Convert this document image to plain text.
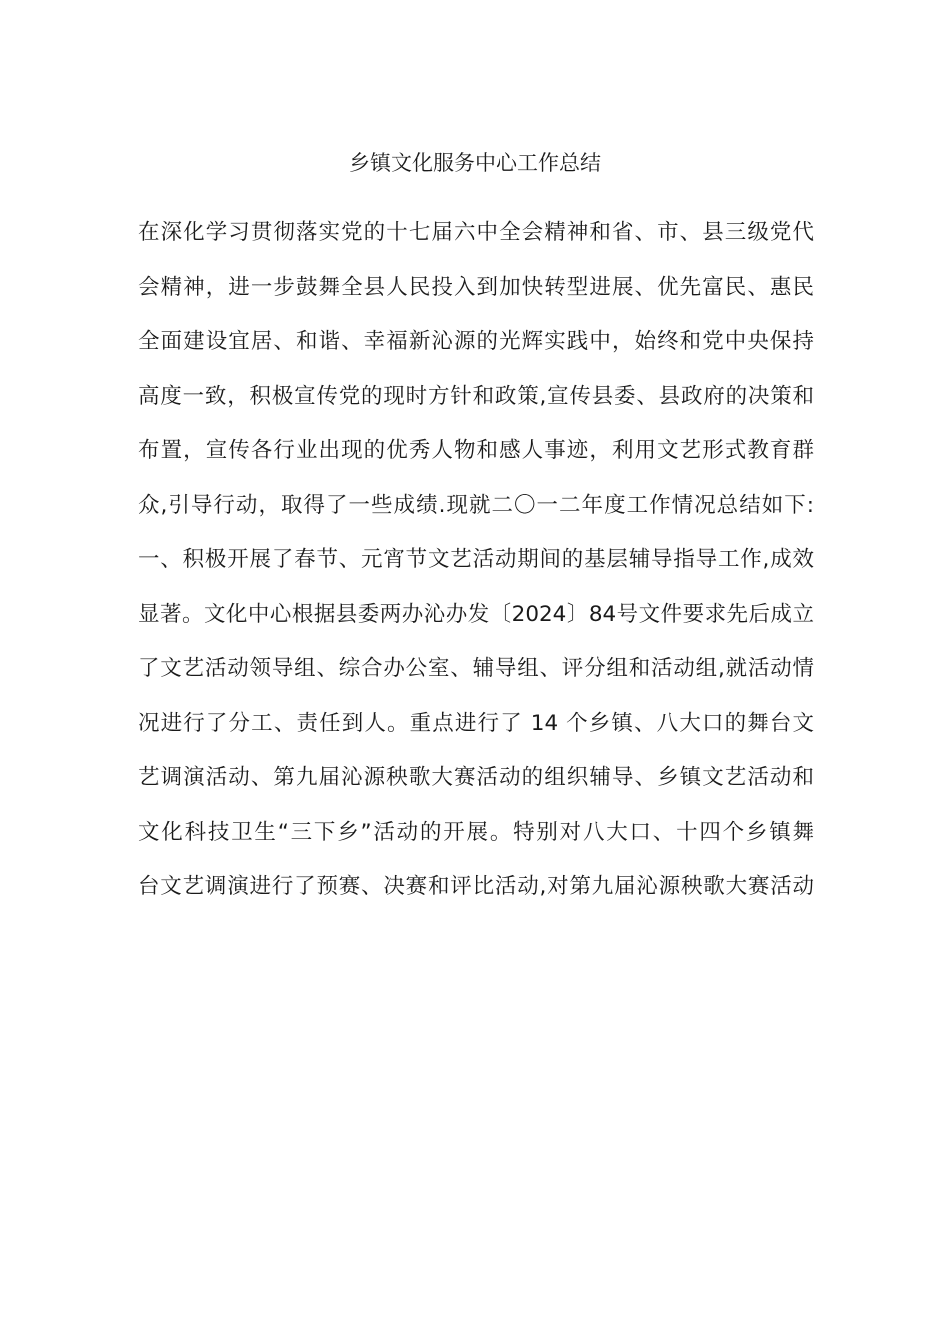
乡镇文化服务中心工作总结
在深化学习贯彻落实党的十七届六中全会精神和省、市、县三级党代
会精神，进一步鼓舞全县人民投入到加快转型进展、优先富民、惠民
全面建设宜居、和谐、幸福新沁源的光辉实践中，始终和党中央保持
高度一致，积极宣传党的现时方针和政策,宣传县委、县政府的决策和
布置，宣传各行业出现的优秀人物和感人事迹，利用文艺形式教育群
众,引导行动，取得了一些成绩.现就二〇一二年度工作情况总结如下:
一、积极开展了春节、元宵节文艺活动期间的基层辅导指导工作,成效
显著。文化中心根据县委两办沁办发〔2024〕84号文件要求先后成立
了文艺活动领导组、综合办公室、辅导组、评分组和活动组,就活动情
况进行了分工、责任到人。重点进行了 14 个乡镇、八大口的舞台文
艺调演活动、第九届沁源秧歌大赛活动的组织辅导、乡镇文艺活动和
文化科技卫生“三下乡”活动的开展。特别对八大口、十四个乡镇舞
台文艺调演进行了预赛、决赛和评比活动,对第九届沁源秧歌大赛活动
